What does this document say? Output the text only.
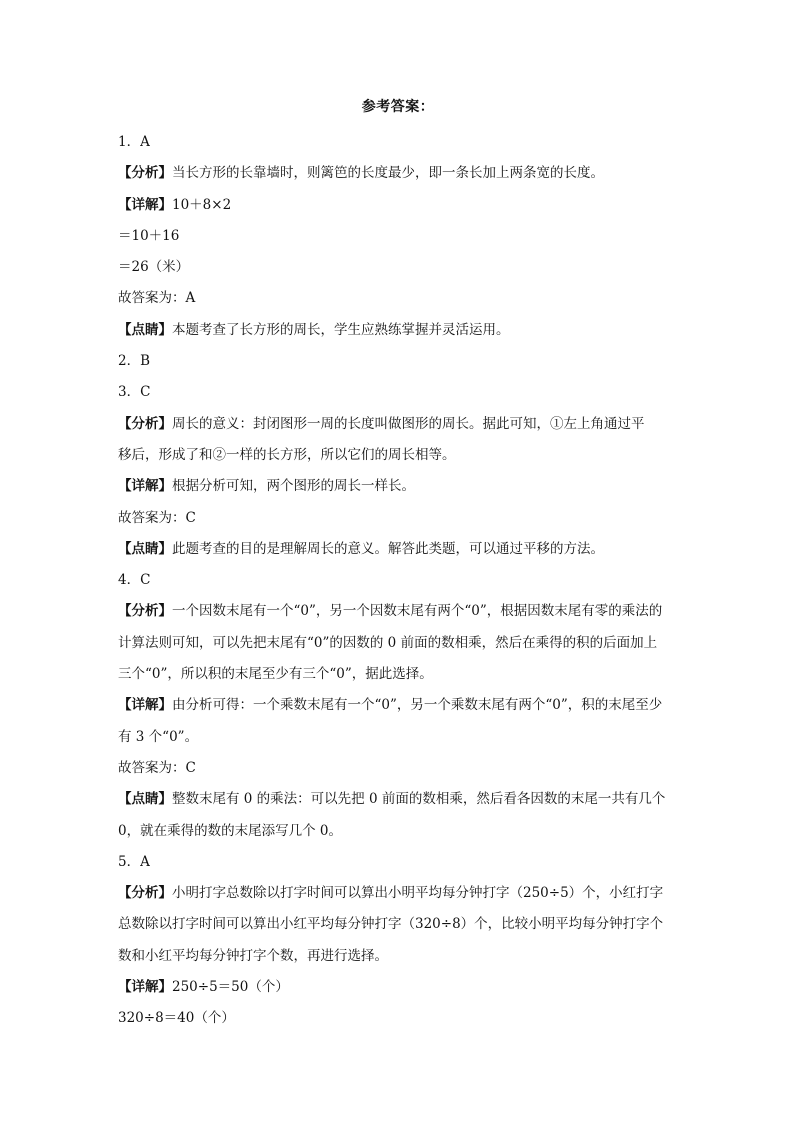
参考答案：
1．A
【分析】当长方形的长靠墙时，则篱笆的长度最少，即一条长加上两条宽的长度。
【详解】10＋8×2
＝10＋16
＝26（米）
故答案为：A
【点睛】本题考查了长方形的周长，学生应熟练掌握并灵活运用。
2．B
3．C
【分析】周长的意义：封闭图形一周的长度叫做图形的周长。据此可知，①左上角通过平
移后，形成了和②一样的长方形，所以它们的周长相等。
【详解】根据分析可知，两个图形的周长一样长。
故答案为：C
【点睛】此题考查的目的是理解周长的意义。解答此类题，可以通过平移的方法。
4．C
【分析】一个因数末尾有一个“0”，另一个因数末尾有两个“0”，根据因数末尾有零的乘法的
计算法则可知，可以先把末尾有“0”的因数的 0 前面的数相乘，然后在乘得的积的后面加上
三个“0”，所以积的末尾至少有三个“0”，据此选择。
【详解】由分析可得：一个乘数末尾有一个“0”，另一个乘数末尾有两个“0”，积的末尾至少
有 3 个“0”。
故答案为：C
【点睛】整数末尾有 0 的乘法：可以先把 0 前面的数相乘，然后看各因数的末尾一共有几个
0，就在乘得的数的末尾添写几个 0。
5．A
【分析】小明打字总数除以打字时间可以算出小明平均每分钟打字（250÷5）个，小红打字
总数除以打字时间可以算出小红平均每分钟打字（320÷8）个，比较小明平均每分钟打字个
数和小红平均每分钟打字个数，再进行选择。
【详解】250÷5＝50（个）
320÷8＝40（个）
